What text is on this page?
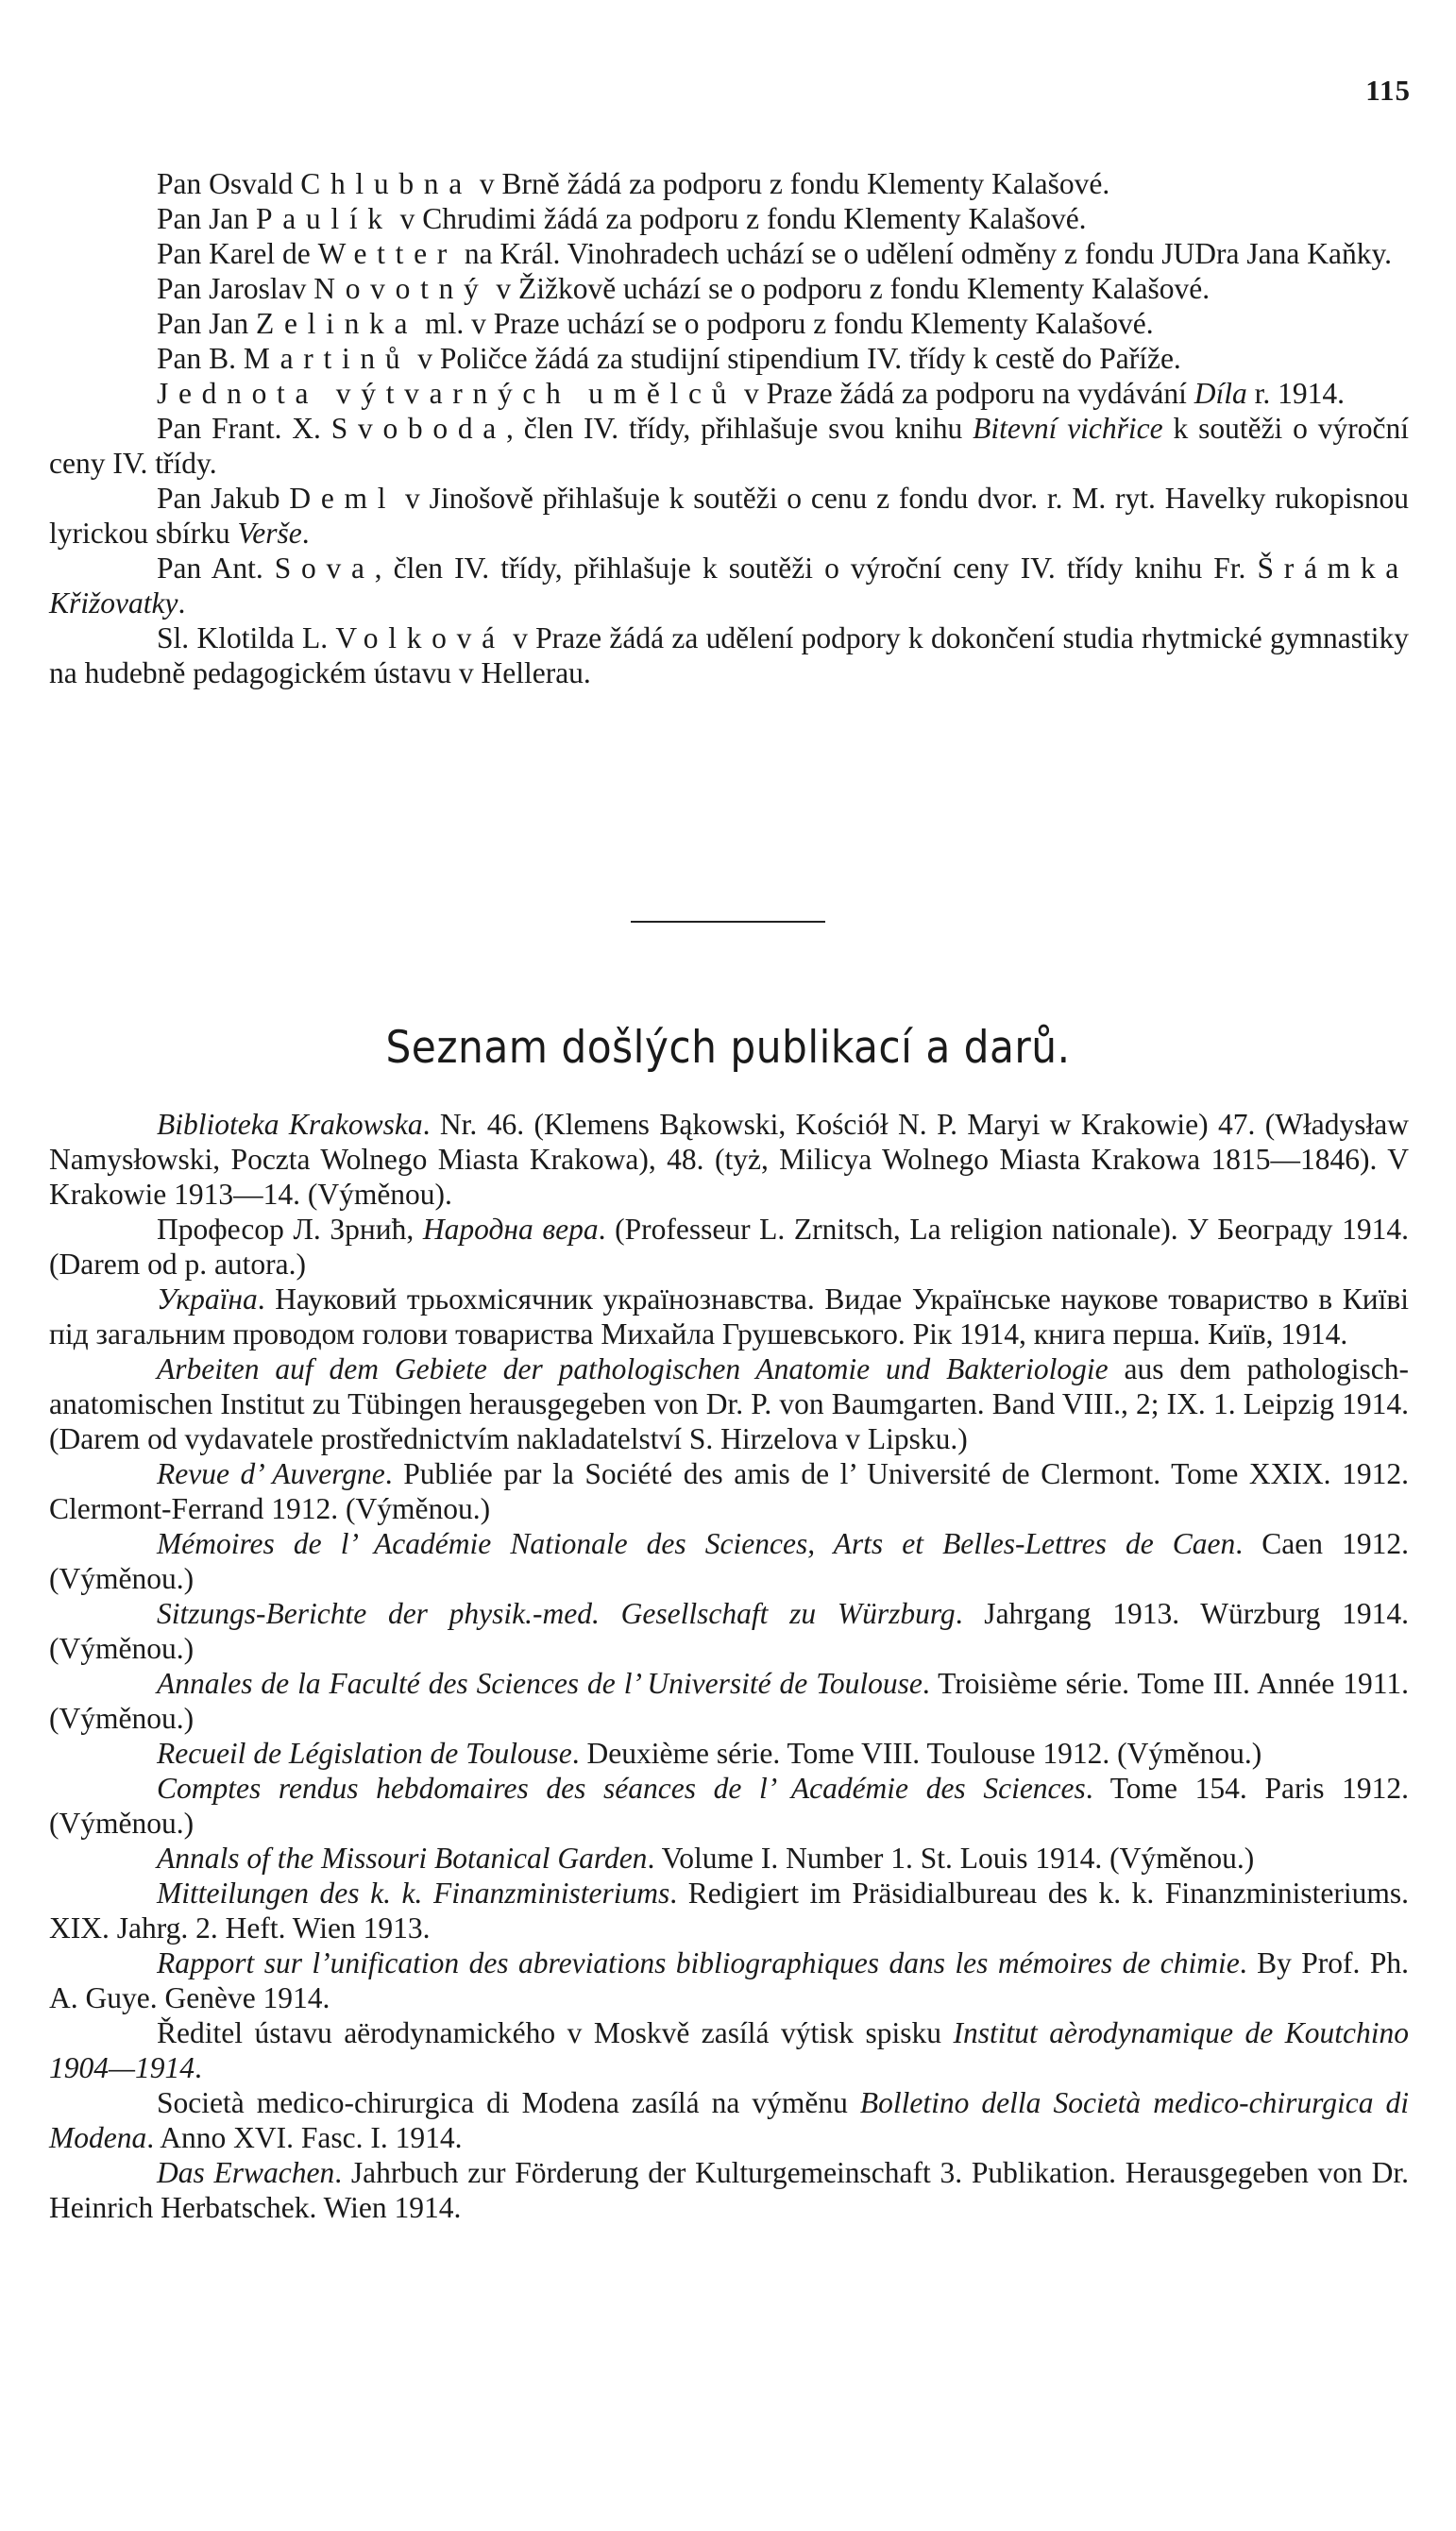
115

Pan Osvald Chlubna v Brně žádá za podporu z fondu Klementy Kalašové.

Pan Jan Paulík v Chrudimi žádá za podporu z fondu Klementy Kalašové.

Pan Karel de Wetter na Král. Vinohradech uchází se o udělení odměny z fondu JUDra Jana Kaňky.

Pan Jaroslav Novotný v Žižkově uchází se o podporu z fondu Klementy Kalašové.

Pan Jan Zelinka ml. v Praze uchází se o podporu z fondu Klementy Kalašové.

Pan B. Martinů v Poličce žádá za studijní stipendium IV. třídy k cestě do Paříže.

Jednota výtvarných umělců v Praze žádá za podporu na vydávání Díla r. 1914.

Pan Frant. X. Svoboda, člen IV. třídy, přihlašuje svou knihu Bitevní vichřice k soutěži o výroční ceny IV. třídy.

Pan Jakub Deml v Jinošově přihlašuje k soutěži o cenu z fondu dvor. r. M. ryt. Havelky rukopisnou lyrickou sbírku Verše.

Pan Ant. Sova, člen IV. třídy, přihlašuje k soutěži o výroční ceny IV. třídy knihu Fr. Šrámka Křižovatky.

Sl. Klotilda L. Volková v Praze žádá za udělení podpory k dokončení studia rhytmické gymnastiky na hudebně pedagogickém ústavu v Hellerau.

Seznam došlých publikací a darů.

Biblioteka Krakowska. Nr. 46. (Klemens Bąkowski, Kościół N. P. Maryi w Krakowie) 47. (Władysław Namysłowski, Poczta Wolnego Miasta Krakowa), 48. (tyż, Milicya Wolnego Miasta Krakowa 1815—1846). V Krakowie 1913—14. (Výměnou).

Професор Л. Зрнић, Народна вера. (Professeur L. Zrnitsch, La religion nationale). У Београду 1914. (Darem od p. autora.)

Україна. Науковий трьохмісячник українознавства. Видае Українське наукове товариство в Київі під загальним проводом голови товариства Михайла Грушевського. Рік 1914, книга перша. Київ, 1914.

Arbeiten auf dem Gebiete der pathologischen Anatomie und Bakteriologie aus dem pathologisch-anatomischen Institut zu Tübingen herausgegeben von Dr. P. von Baumgarten. Band VIII., 2; IX. 1. Leipzig 1914. (Darem od vydavatele prostřednictvím nakladatelství S. Hirzelova v Lipsku.)

Revue d’ Auvergne. Publiée par la Société des amis de l’ Université de Clermont. Tome XXIX. 1912. Clermont-Ferrand 1912. (Výměnou.)

Mémoires de l’ Académie Nationale des Sciences, Arts et Belles-Lettres de Caen. Caen 1912. (Výměnou.)

Sitzungs-Berichte der physik.-med. Gesellschaft zu Würzburg. Jahrgang 1913. Würzburg 1914. (Výměnou.)

Annales de la Faculté des Sciences de l’ Université de Toulouse. Troisième série. Tome III. Année 1911. (Výměnou.)

Recueil de Législation de Toulouse. Deuxième série. Tome VIII. Toulouse 1912. (Výměnou.)

Comptes rendus hebdomaires des séances de l’ Académie des Sciences. Tome 154. Paris 1912. (Výměnou.)

Annals of the Missouri Botanical Garden. Volume I. Number 1. St. Louis 1914. (Výměnou.)

Mitteilungen des k. k. Finanzministeriums. Redigiert im Präsidialbureau des k. k. Finanzministeriums. XIX. Jahrg. 2. Heft. Wien 1913.

Rapport sur l’unification des abreviations bibliographiques dans les mémoires de chimie. By Prof. Ph. A. Guye. Genève 1914.

Ředitel ústavu aërodynamického v Moskvě zasílá výtisk spisku Institut aèrodynamique de Koutchino 1904—1914.

Società medico-chirurgica di Modena zasílá na výměnu Bolletino della Società medico-chirurgica di Modena. Anno XVI. Fasc. I. 1914.

Das Erwachen. Jahrbuch zur Förderung der Kulturgemeinschaft 3. Publikation. Herausgegeben von Dr. Heinrich Herbatschek. Wien 1914.
